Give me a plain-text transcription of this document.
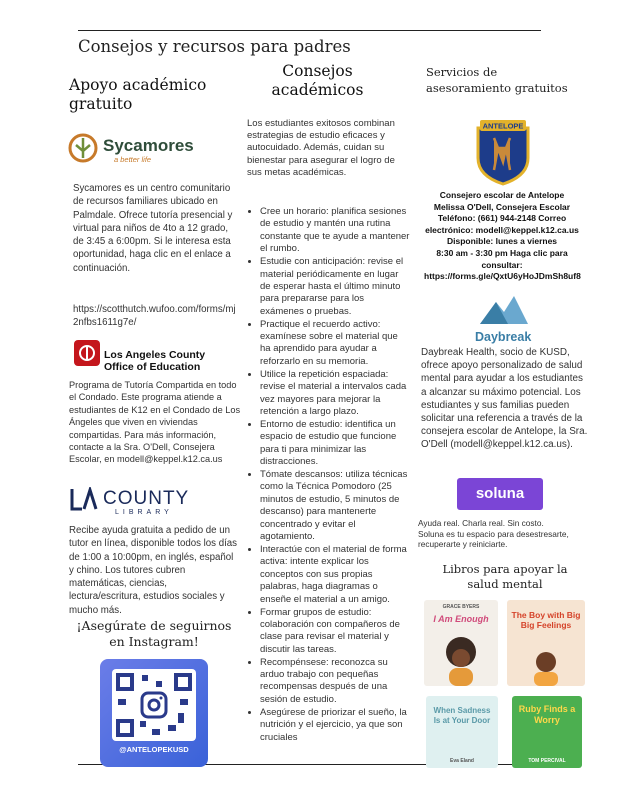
Consejos y recursos para padres
Apoyo académico gratuito
Sycamores
a better life
Sycamores es un centro comunitario de recursos familiares ubicado en Palmdale. Ofrece tutoría presencial y virtual para niños de 4to a 12 grado, de 3:45 a 6:00pm. Si le interesa esta oportunidad, haga clic en el enlace a continuación.
https://scotthutch.wufoo.com/forms/mj2nfbs1611g7e/
Los Angeles County Office of Education
Programa de Tutoría Compartida en todo el Condado. Este programa atiende a estudiantes de K12 en el Condado de Los Ángeles que viven en viviendas compartidas. Para más información, contacte a la Sra. O'Dell, Consejera Escolar, en modell@keppel.k12.ca.us
COUNTY
LIBRARY
Recibe ayuda gratuita a pedido de un tutor en línea, disponible todos los días de 1:00 a 10:00pm, en inglés, español y chino. Los tutores cubren matemáticas, ciencias, lectura/escritura, estudios sociales y mucho más.
¡Asegúrate de seguirnos en Instagram!
@ANTELOPEKUSD
Consejos académicos
Los estudiantes exitosos combinan estrategias de estudio eficaces y autocuidado. Además, cuidan su bienestar para asegurar el logro de sus metas académicas.
• Cree un horario: planifica sesiones de estudio y mantén una rutina constante que te ayude a mantener el rumbo.
• Estudie con anticipación: revise el material periódicamente en lugar de esperar hasta el último minuto para prepararse para los exámenes o pruebas.
• Practique el recuerdo activo: examínese sobre el material que ha aprendido para ayudar a reforzarlo en su memoria.
• Utilice la repetición espaciada: revise el material a intervalos cada vez mayores para mejorar la retención a largo plazo.
• Entorno de estudio: identifica un espacio de estudio que funcione para ti para minimizar las distracciones.
• Tómate descansos: utiliza técnicas como la Técnica Pomodoro (25 minutos de estudio, 5 minutos de descanso) para mantenerte concentrado y evitar el agotamiento.
• Interactúe con el material de forma activa: intente explicar los conceptos con sus propias palabras, haga diagramas o enseñe el material a un amigo.
• Formar grupos de estudio: colaboración con compañeros de clase para revisar el material y discutir las tareas.
• Recompénsese: reconozca su arduo trabajo con pequeñas recompensas después de una sesión de estudio.
• Asegúrese de priorizar el sueño, la nutrición y el ejercicio, ya que son cruciales
Servicios de asesoramiento gratuitos
ANTELOPE
Consejero escolar de Antelope
Melissa O'Dell, Consejera Escolar
Teléfono: (661) 944-2148 Correo electrónico: modell@keppel.k12.ca.us
Disponible: lunes a viernes
8:30 am - 3:30 pm Haga clic para consultar:
https://forms.gle/QxtU6yHoJDmSh8uf8
Daybreak
Daybreak Health, socio de KUSD, ofrece apoyo personalizado de salud mental para ayudar a los estudiantes a alcanzar su máximo potencial. Los estudiantes y sus familias pueden solicitar una referencia a través de la consejera escolar de Antelope, la Sra. O'Dell (modell@keppel.k12.ca.us).
soluna
Ayuda real. Charla real. Sin costo.
Soluna es tu espacio para desestresarte, recuperarte y reiniciarte.
Libros para apoyar la salud mental
GRACE BYERS
I Am Enough	The Boy with Big Big Feelings
When Sadness Is at Your Door
Eva Eland
Ruby Finds a Worry
TOM PERCIVAL
